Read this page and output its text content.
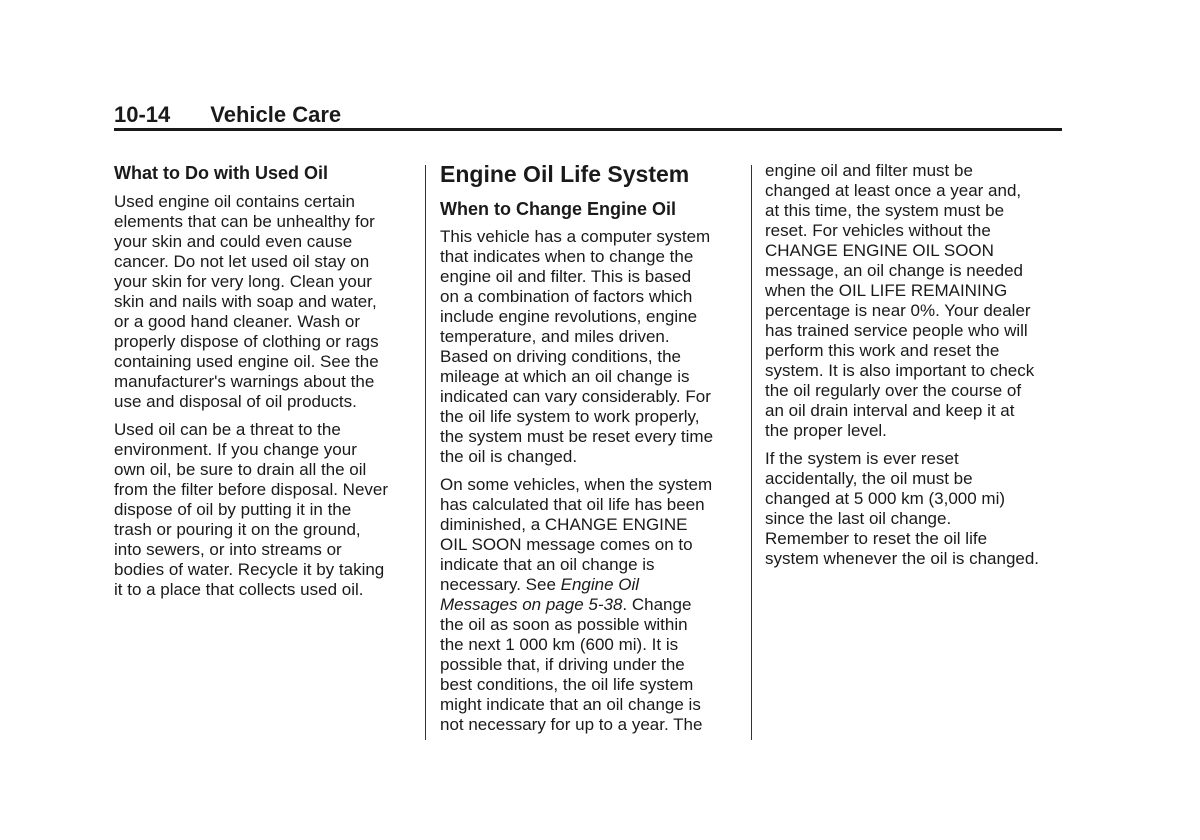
10-14 Vehicle Care
What to Do with Used Oil

Used engine oil contains certain
elements that can be unhealthy for
your skin and could even cause
cancer. Do not let used oil stay on
your skin for very long. Clean your
skin and nails with soap and water,
or a good hand cleaner. Wash or
properly dispose of clothing or rags
containing used engine oil. See the
manufacturer's warnings about the
use and disposal of oil products.

Used oil can be a threat to the
environment. If you change your
own oil, be sure to drain all the oil
from the filter before disposal. Never
dispose of oil by putting it in the
trash or pouring it on the ground,
into sewers, or into streams or
bodies of water. Recycle it by taking
it to a place that collects used oil.

Engine Oil Life System
When to Change Engine Oil

This vehicle has a computer system
that indicates when to change the
engine oil and filter. This is based
on a combination of factors which
include engine revolutions, engine
temperature, and miles driven.
Based on driving conditions, the
mileage at which an oil change is
indicated can vary considerably. For
the oil life system to work properly,
the system must be reset every time
the oil is changed.

On some vehicles, when the system
has calculated that oil life has been
diminished, a CHANGE ENGINE
OIL SOON message comes on to
indicate that an oil change is
necessary. See Engine Oil
Messages on page 5-38. Change
the oil as soon as possible within
the next 1 000 km (600 mi). It is
possible that, if driving under the
best conditions, the oil life system
might indicate that an oil change is
not necessary for up to a year. The

engine oil and filter must be
changed at least once a year and,
at this time, the system must be
reset. For vehicles without the
CHANGE ENGINE OIL SOON
message, an oil change is needed
when the OIL LIFE REMAINING
percentage is near 0%. Your dealer
has trained service people who will
perform this work and reset the
system. It is also important to check
the oil regularly over the course of
an oil drain interval and keep it at
the proper level.

If the system is ever reset
accidentally, the oil must be
changed at 5 000 km (3,000 mi)
since the last oil change.
Remember to reset the oil life
system whenever the oil is changed.
